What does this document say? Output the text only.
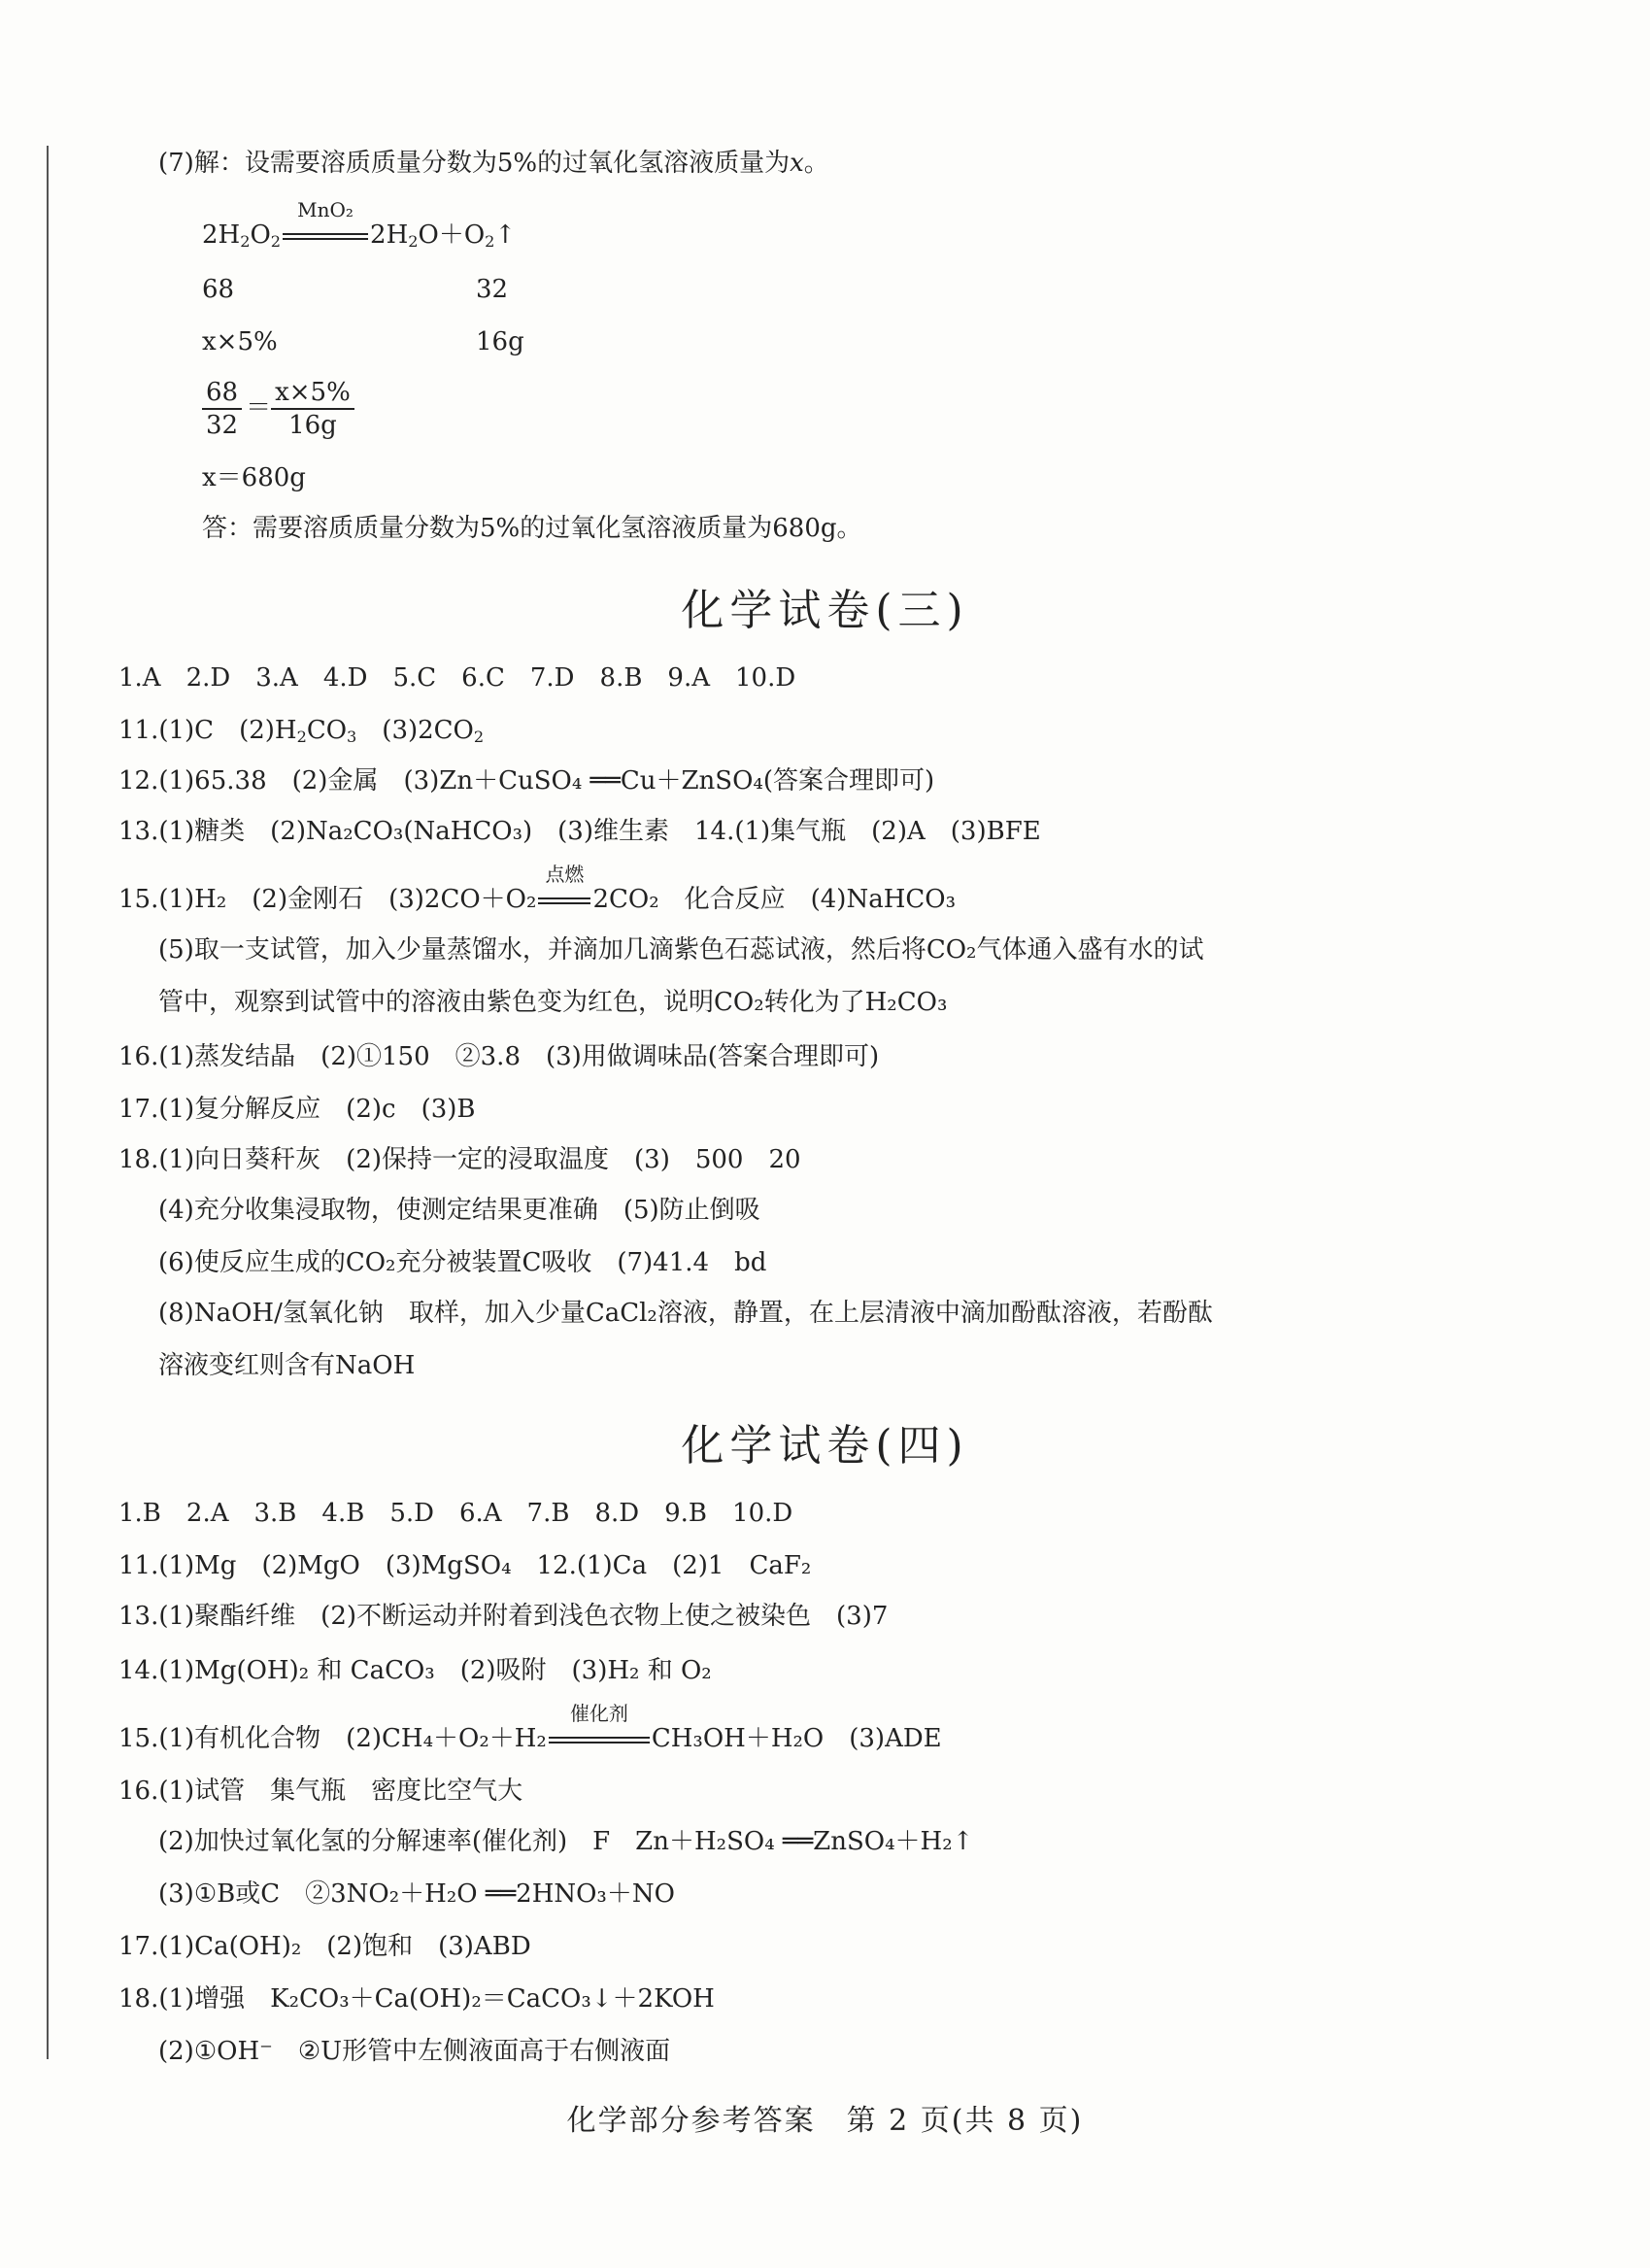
(7)解：设需要溶质质量分数为5%的过氧化氢溶液质量为x。
$2H_2O_2$
MnO₂
$2H_2O+O_2↑$
68	32
x×5%	16g
$\frac{68}{32} = \frac{x\times 5\%}{16g}$
x＝680g
答：需要溶质质量分数为5%的过氧化氢溶液质量为680g。
化学试卷(三)
1.A　2.D　3.A　4.D　5.C　6.C　7.D　8.B　9.A　10.D
11.(1)C　$(2)H_2CO_3$　$(3)2CO_2$
12.(1)65.38　(2)金属　(3)Zn＋CuSO₄ ══Cu＋ZnSO₄(答案合理即可)
13.(1)糖类　(2)Na₂CO₃(NaHCO₃)　(3)维生素　14.(1)集气瓶　(2)A　(3)BFE
15.(1)H₂　(2)金刚石　(3)2CO＋O₂
点燃
2CO₂　化合反应　(4)NaHCO₃
(5)取一支试管，加入少量蒸馏水，并滴加几滴紫色石蕊试液，然后将CO₂气体通入盛有水的试
管中，观察到试管中的溶液由紫色变为红色，说明CO₂转化为了H₂CO₃
16.(1)蒸发结晶　(2)①150　②3.8　(3)用做调味品(答案合理即可)
17.(1)复分解反应　(2)c　(3)B
18.(1)向日葵秆灰　(2)保持一定的浸取温度　(3)　500　20
(4)充分收集浸取物，使测定结果更准确　(5)防止倒吸
(6)使反应生成的CO₂充分被装置C吸收　(7)41.4　bd
(8)NaOH/氢氧化钠　取样，加入少量CaCl₂溶液，静置，在上层清液中滴加酚酞溶液，若酚酞
溶液变红则含有NaOH
化学试卷(四)
1.B　2.A　3.B　4.B　5.D　6.A　7.B　8.D　9.B　10.D
11.(1)Mg　(2)MgO　(3)MgSO₄　12.(1)Ca　(2)1　CaF₂
13.(1)聚酯纤维　(2)不断运动并附着到浅色衣物上使之被染色　(3)7
14.(1)Mg(OH)₂ 和 CaCO₃　(2)吸附　(3)H₂ 和 O₂
15.(1)有机化合物　(2)CH₄＋O₂＋H₂
催化剂
CH₃OH＋H₂O　(3)ADE
16.(1)试管　集气瓶　密度比空气大
(2)加快过氧化氢的分解速率(催化剂)　F　Zn＋H₂SO₄ ══ZnSO₄＋H₂↑
(3)①B或C　②3NO₂＋H₂O ══2HNO₃＋NO
17.(1)Ca(OH)₂　(2)饱和　(3)ABD
18.(1)增强　K₂CO₃＋Ca(OH)₂＝CaCO₃↓＋2KOH
(2)①OH⁻　②U形管中左侧液面高于右侧液面
化学部分参考答案　第 2 页(共 8 页)
